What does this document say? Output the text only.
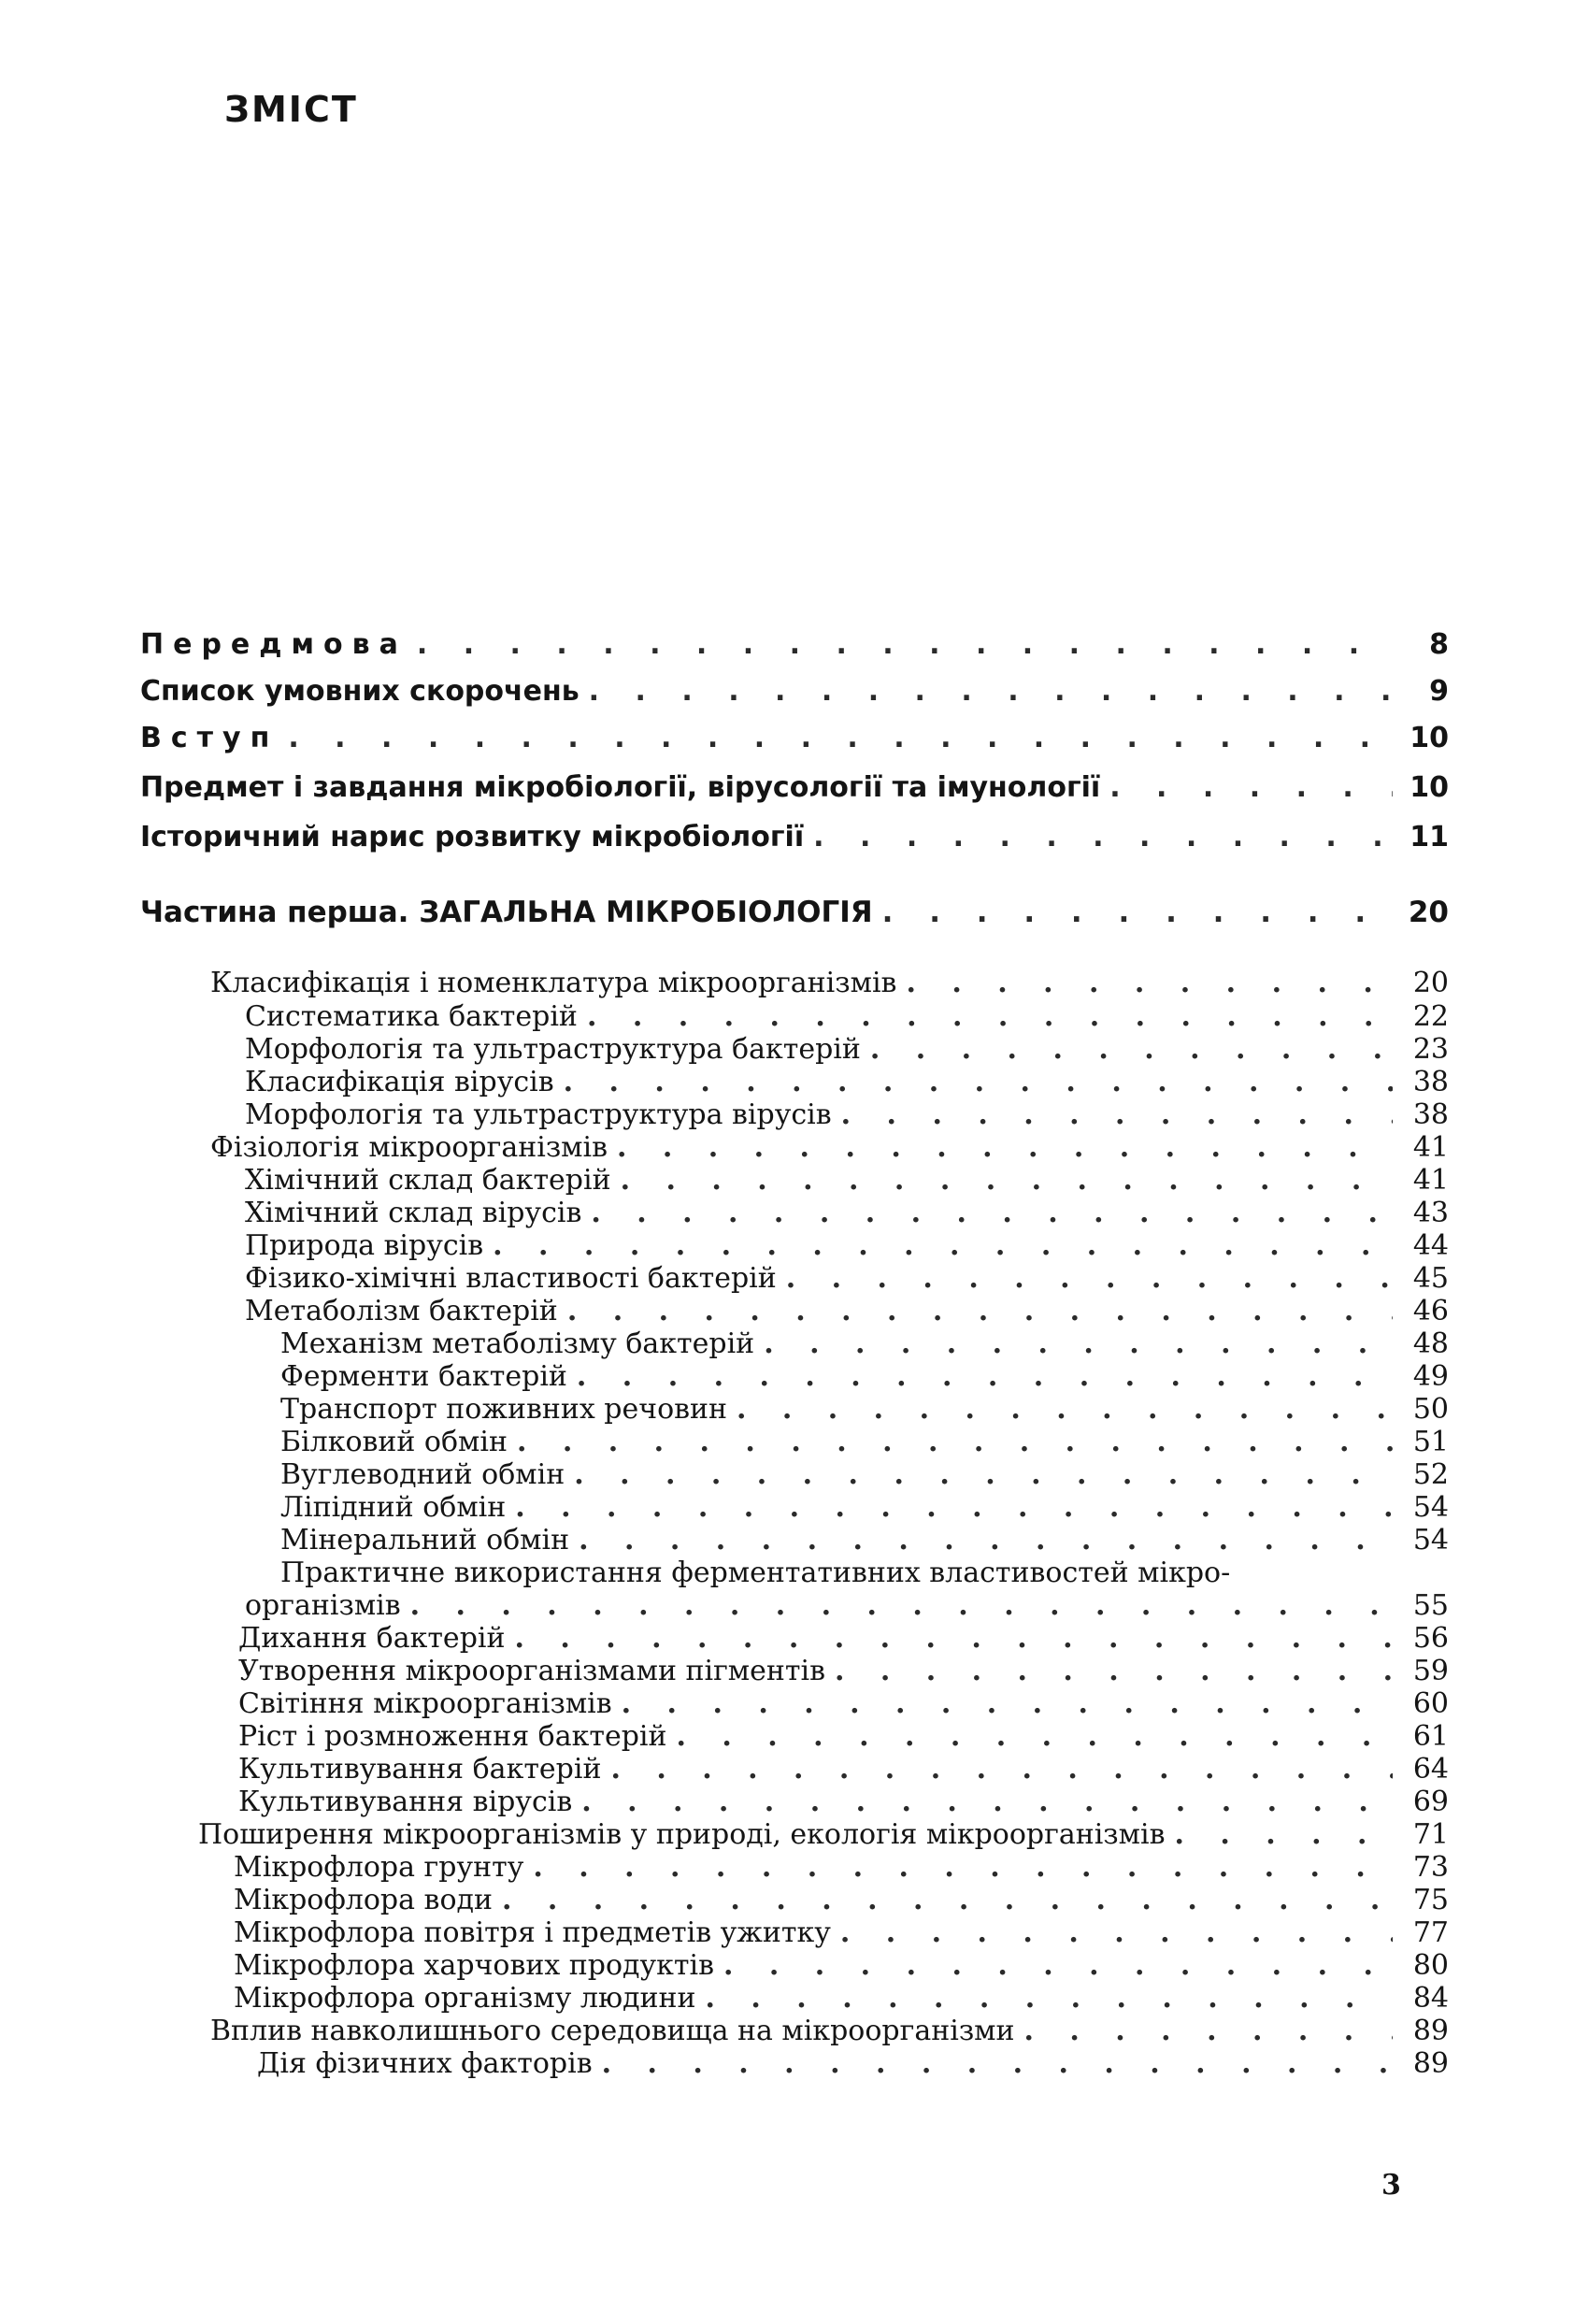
ЗМІСТ
Передмова . . .	8
Список умовних скорочень . . .	9
Вступ . . .	10
Предмет і завдання мікробіології, вірусології та імунології . . .	10
Історичний нарис розвитку мікробіології . . .	11
Частина перша. ЗАГАЛЬНА МІКРОБІОЛОГІЯ . . .	20
Класифікація і номенклатура мікроорганізмів . . .	20
Систематика бактерій . . .	22
Морфологія та ультраструктура бактерій . . .	23
Класифікація вірусів . . .	38
Морфологія та ультраструктура вірусів . . .	38
Фізіологія мікроорганізмів . . .	41
Хімічний склад бактерій . . .	41
Хімічний склад вірусів . . .	43
Природа вірусів . . .	44
Фізико-хімічні властивості бактерій . . .	45
Метаболізм бактерій . . .	46
Механізм метаболізму бактерій . . .	48
Ферменти бактерій . . .	49
Транспорт поживних речовин . . .	50
Білковий обмін . . .	51
Вуглеводний обмін . . .	52
Ліпідний обмін . . .	54
Мінеральний обмін . . .	54
Практичне використання ферментативних властивостей мікро-
організмів . . .	55
Дихання бактерій . . .	56
Утворення мікроорганізмами пігментів . . .	59
Світіння мікроорганізмів . . .	60
Ріст і розмноження бактерій . . .	61
Культивування бактерій . . .	64
Культивування вірусів . . .	69
Поширення мікроорганізмів у природі, екологія мікроорганізмів . . .	71
Мікрофлора грунту . . .	73
Мікрофлора води . . .	75
Мікрофлора повітря і предметів ужитку . . .	77
Мікрофлора харчових продуктів . . .	80
Мікрофлора організму людини . . .	84
Вплив навколишнього середовища на мікроорганізми . . .	89
Дія фізичних факторів . . .	89

3
